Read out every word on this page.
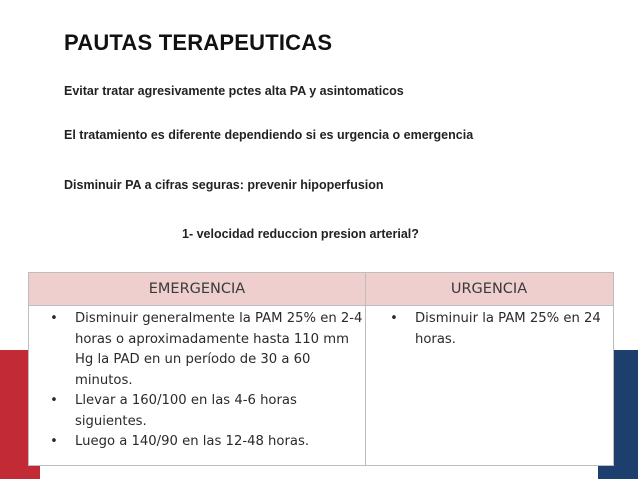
PAUTAS TERAPEUTICAS
Evitar tratar agresivamente pctes alta PA y asintomaticos
El tratamiento es diferente dependiendo si es urgencia o emergencia
Disminuir PA a cifras seguras: prevenir hipoperfusion
1- velocidad reduccion presion arterial?
EMERGENCIA	URGENCIA
• Disminuir generalmente la PAM 25% en 2-4 horas o aproximadamente hasta 110 mm Hg la PAD en un período de 30 a 60 minutos.
• Llevar a 160/100 en las 4-6 horas siguientes.
• Luego a 140/90 en las 12-48 horas.
• Disminuir la PAM 25% en 24 horas.
